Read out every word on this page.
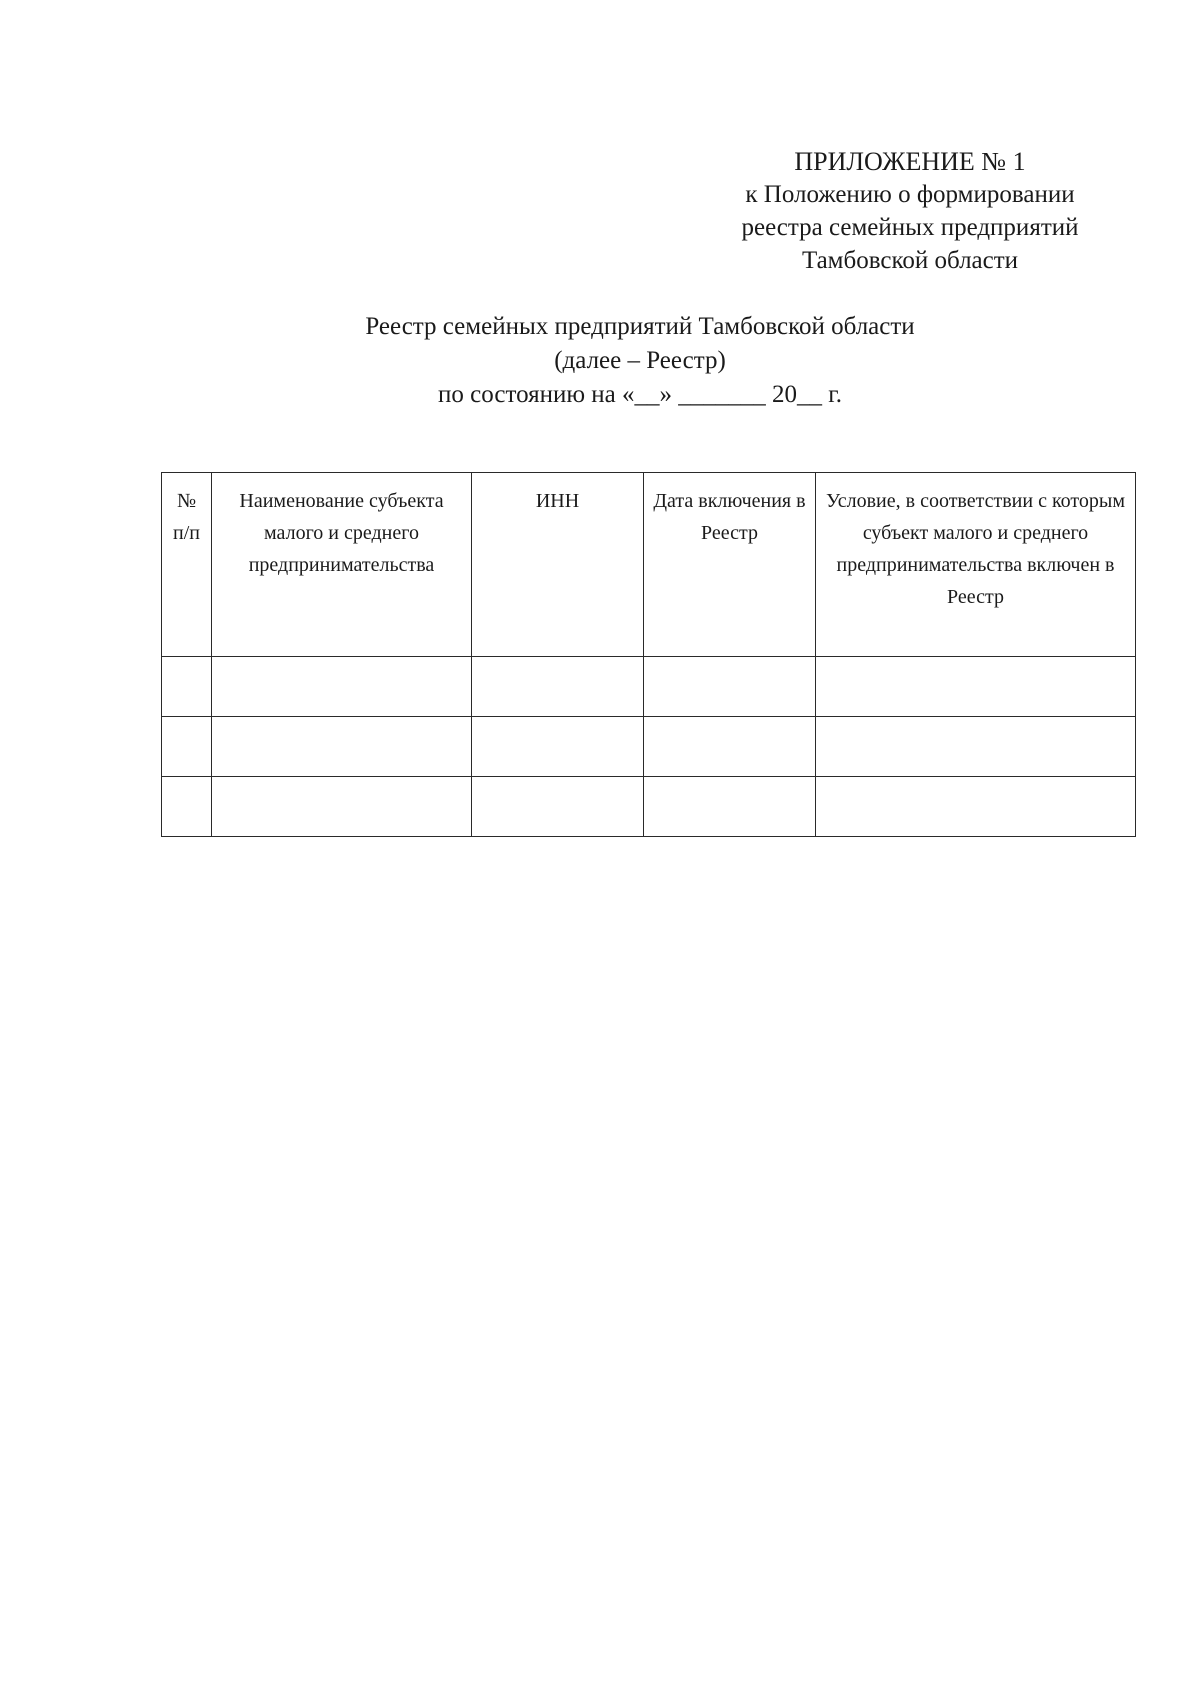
ПРИЛОЖЕНИЕ № 1
к Положению о формировании
реестра семейных предприятий
Тамбовской области
Реестр семейных предприятий Тамбовской области
(далее – Реестр)
по состоянию на «__» _______ 20__ г.
№ п/п	Наименование субъекта малого и среднего предпринимательства	ИНН	Дата включения в Реестр	Условие, в соответствии с которым субъект малого и среднего предпринимательства включен в Реестр
